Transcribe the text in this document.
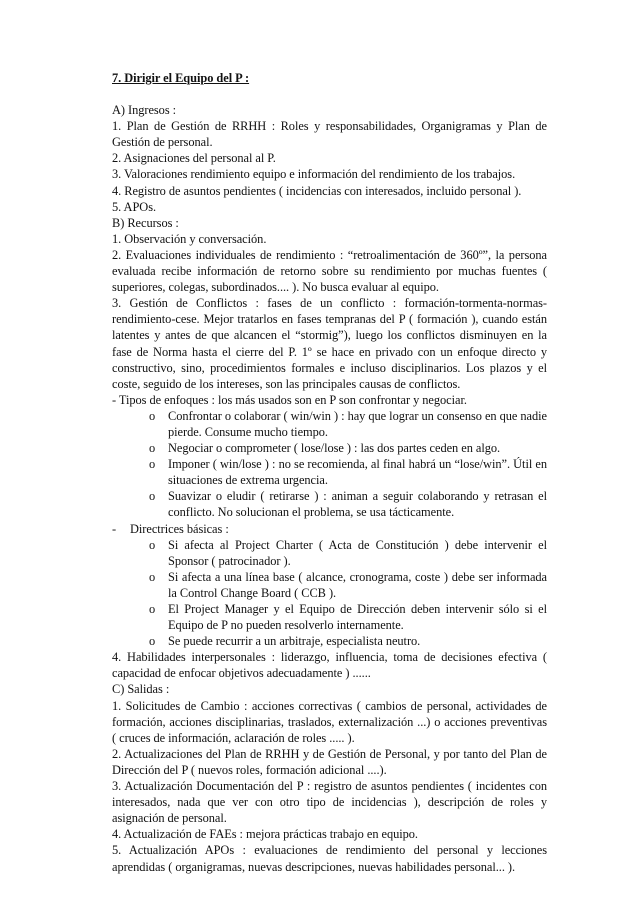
7. Dirigir el Equipo del P :

A) Ingresos :

1. Plan de Gestión de RRHH : Roles y responsabilidades, Organigramas y Plan de Gestión de personal.

2. Asignaciones del personal al P.

3. Valoraciones rendimiento equipo e información del rendimiento de los trabajos.

4. Registro de asuntos pendientes ( incidencias con interesados, incluido personal ).

5. APOs.

B) Recursos :

1. Observación y conversación.

2. Evaluaciones individuales de rendimiento : “retroalimentación de 360º”, la persona evaluada recibe información de retorno sobre su rendimiento por muchas fuentes ( superiores, colegas, subordinados.... ). No busca evaluar al equipo.

3. Gestión de Conflictos : fases de un conflicto : formación-tormenta-normas-rendimiento-cese. Mejor tratarlos en fases tempranas del P ( formación ), cuando están latentes y antes de que alcancen el “stormig”), luego los conflictos disminuyen en la fase de Norma hasta el cierre del P. 1º se hace en privado con un enfoque directo y constructivo, sino, procedimientos formales e incluso disciplinarios. Los plazos y el coste, seguido de los intereses, son las principales causas de conflictos.

- Tipos de enfoques : los más usados son en P son confrontar y negociar.

o Confrontar o colaborar ( win/win ) : hay que lograr un consenso en que nadie pierde. Consume mucho tiempo.
o Negociar o comprometer ( lose/lose ) : las dos partes ceden en algo.
o Imponer ( win/lose ) : no se recomienda, al final habrá un “lose/win”. Útil en situaciones de extrema urgencia.
o Suavizar o eludir ( retirarse ) : animan a seguir colaborando y retrasan el conflicto. No solucionan el problema, se usa tácticamente.
- Directrices básicas :
o Si afecta al Project Charter ( Acta de Constitución ) debe intervenir el Sponsor ( patrocinador ).
o Si afecta a una línea base ( alcance, cronograma, coste ) debe ser informada la Control Change Board ( CCB ).
o El Project Manager y el Equipo de Dirección deben intervenir sólo si el Equipo de P no pueden resolverlo internamente.
o Se puede recurrir a un arbitraje, especialista neutro.

4. Habilidades interpersonales : liderazgo, influencia, toma de decisiones efectiva ( capacidad de enfocar objetivos adecuadamente ) ......

C) Salidas :

1. Solicitudes de Cambio : acciones correctivas ( cambios de personal, actividades de formación, acciones disciplinarias, traslados, externalización ...) o acciones preventivas ( cruces de información, aclaración de roles ..... ).

2. Actualizaciones del Plan de RRHH y de Gestión de Personal, y por tanto del Plan de Dirección del P ( nuevos roles, formación adicional ....).

3. Actualización Documentación del P : registro de asuntos pendientes ( incidentes con interesados, nada que ver con otro tipo de incidencias ), descripción de roles y asignación de personal.

4. Actualización de FAEs : mejora prácticas trabajo en equipo.

5. Actualización APOs : evaluaciones de rendimiento del personal y lecciones aprendidas ( organigramas, nuevas descripciones, nuevas habilidades personal... ).
